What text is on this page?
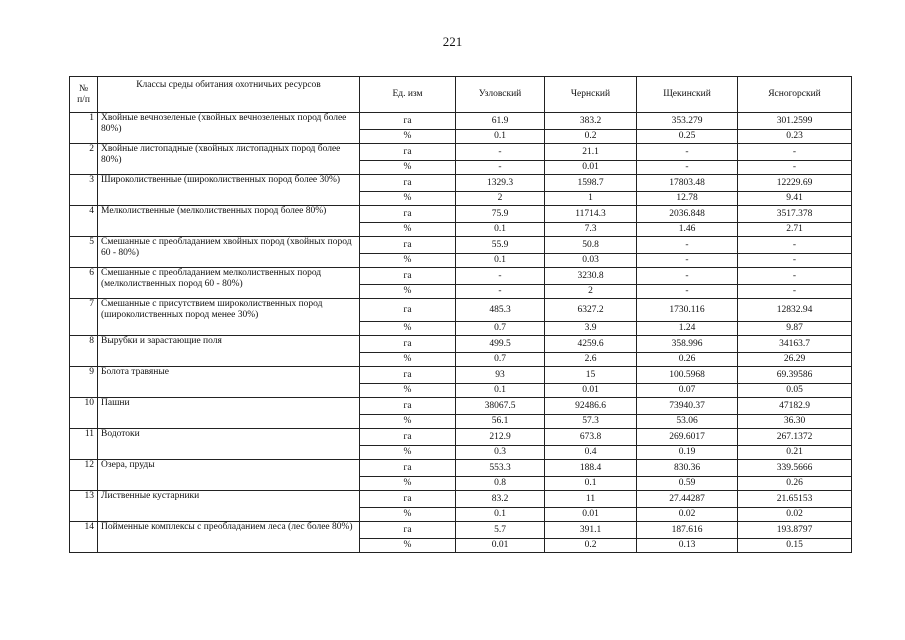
221
№
п/п	Классы среды обитания охотничьих ресурсов	Ед. изм	Узловский	Чернский	Щекинский	Ясногорский
1	Хвойные вечнозеленые (хвойных вечнозеленых пород более 80%)	га	61.9	383.2	353.279	301.2599
		%	0.1	0.2	0.25	0.23
2	Хвойные листопадные (хвойных листопадных пород более 80%)	га	-	21.1	-	-
		%	-	0.01	-	-
3	Широколиственные (широколиственных пород более 30%)	га	1329.3	1598.7	17803.48	12229.69
		%	2	1	12.78	9.41
4	Мелколиственные (мелколиственных пород более 80%)	га	75.9	11714.3	2036.848	3517.378
		%	0.1	7.3	1.46	2.71
5	Смешанные с преобладанием хвойных пород (хвойных пород 60 - 80%)	га	55.9	50.8	-	-
		%	0.1	0.03	-	-
6	Смешанные с преобладанием мелколиственных пород (мелколиственных пород 60 - 80%)	га	-	3230.8	-	-
		%	-	2	-	-
7	Смешанные с присутствием широколиственных пород (широколиственных пород менее 30%)	га	485.3	6327.2	1730.116	12832.94
		%	0.7	3.9	1.24	9.87
8	Вырубки и зарастающие поля	га	499.5	4259.6	358.996	34163.7
		%	0.7	2.6	0.26	26.29
9	Болота травяные	га	93	15	100.5968	69.39586
		%	0.1	0.01	0.07	0.05
10	Пашни	га	38067.5	92486.6	73940.37	47182.9
		%	56.1	57.3	53.06	36.30
11	Водотоки	га	212.9	673.8	269.6017	267.1372
		%	0.3	0.4	0.19	0.21
12	Озера, пруды	га	553.3	188.4	830.36	339.5666
		%	0.8	0.1	0.59	0.26
13	Лиственные кустарники	га	83.2	11	27.44287	21.65153
		%	0.1	0.01	0.02	0.02
14	Пойменные комплексы с преобладанием леса (лес более 80%)	га	5.7	391.1	187.616	193.8797
		%	0.01	0.2	0.13	0.15
